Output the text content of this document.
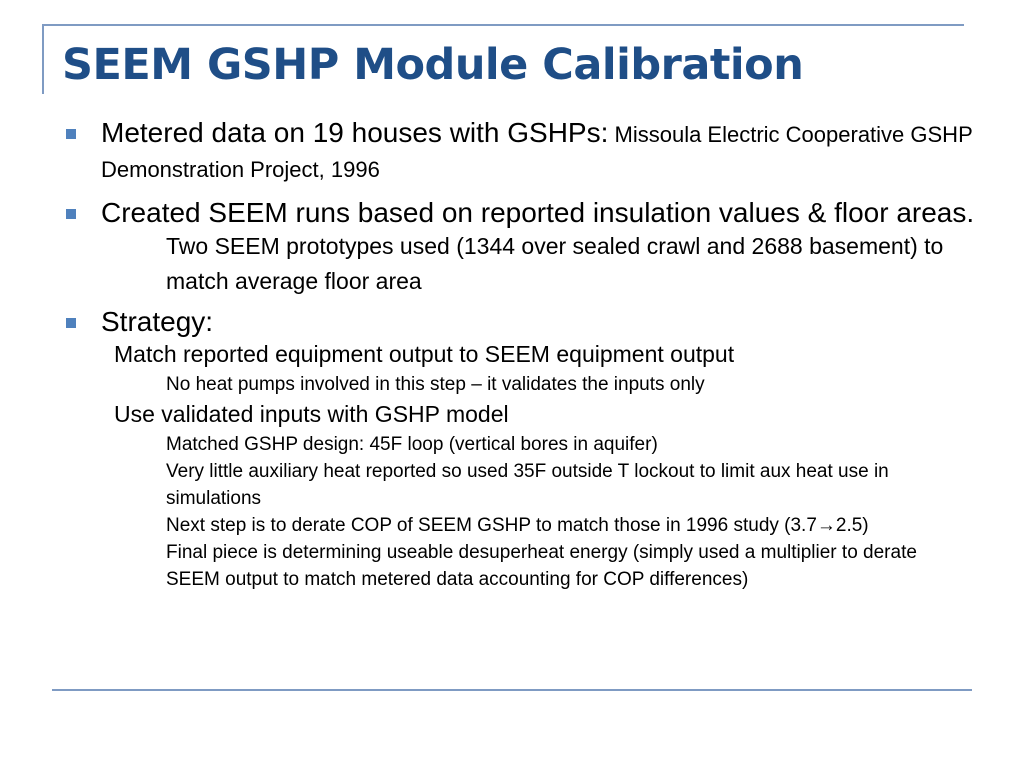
SEEM GSHP Module Calibration
Metered data on 19 houses with GSHPs: Missoula Electric Cooperative GSHP Demonstration Project, 1996
Created SEEM runs based on reported insulation values & floor areas.
Two SEEM prototypes used (1344 over sealed crawl and 2688 basement) to match average floor area
Strategy:
Match reported equipment output to SEEM equipment output
No heat pumps involved in this step – it validates the inputs only
Use validated inputs with GSHP model
Matched GSHP design: 45F loop (vertical bores in aquifer)
Very little auxiliary heat reported so used 35F outside T lockout to limit aux heat use in simulations
Next step is to derate COP of SEEM GSHP to match those in 1996 study (3.7→2.5)
Final piece is determining useable desuperheat energy (simply used a multiplier to derate SEEM output to match metered data accounting for COP differences)
